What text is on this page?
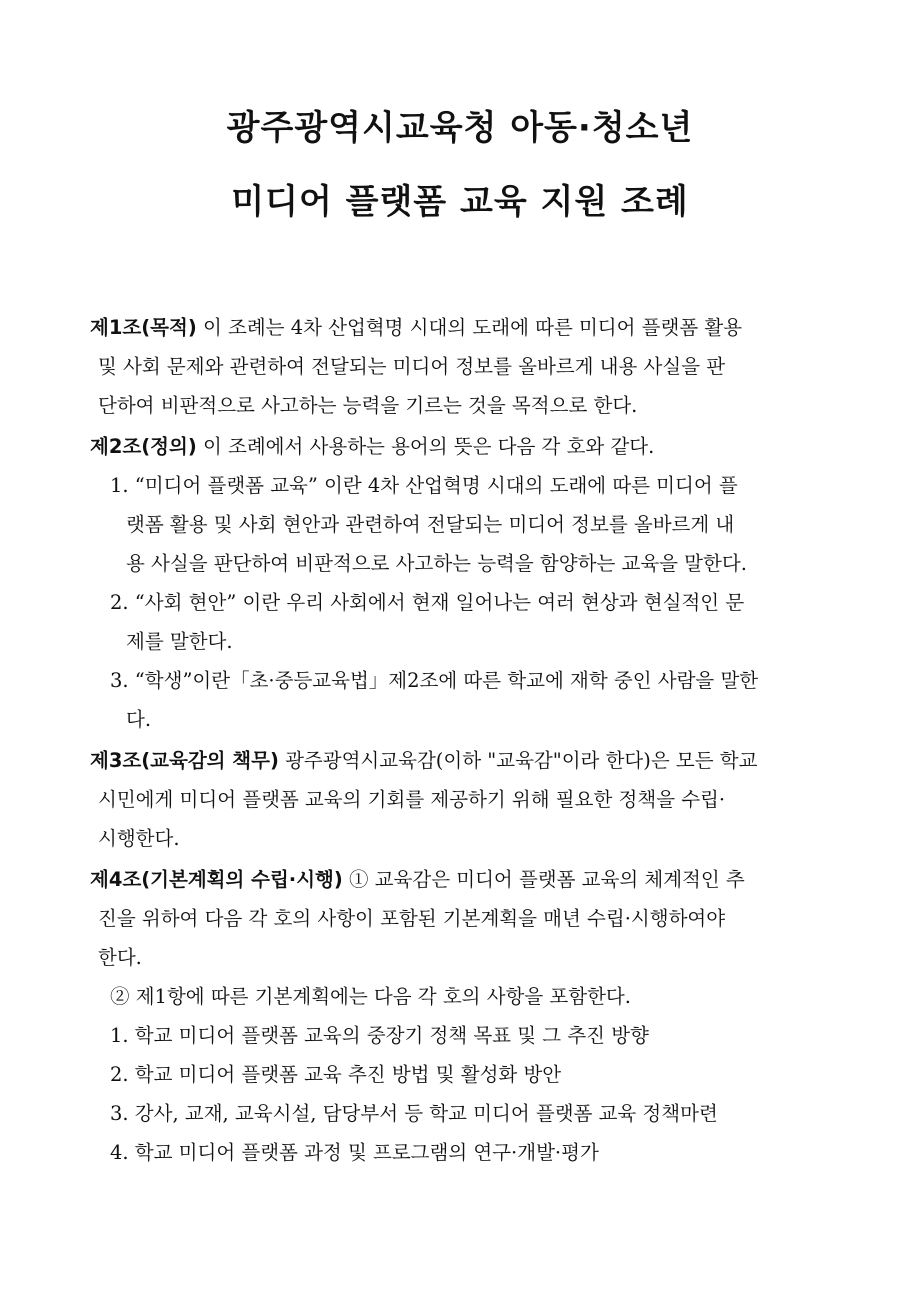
광주광역시교육청 아동·청소년
미디어 플랫폼 교육 지원 조례
제1조(목적) 이 조례는 4차 산업혁명 시대의 도래에 따른 미디어 플랫폼 활용
및 사회 문제와 관련하여 전달되는 미디어 정보를 올바르게 내용 사실을 판
단하여 비판적으로 사고하는 능력을 기르는 것을 목적으로 한다.
제2조(정의) 이 조례에서 사용하는 용어의 뜻은 다음 각 호와 같다.
1. “미디어 플랫폼 교육” 이란 4차 산업혁명 시대의 도래에 따른 미디어 플
랫폼 활용 및 사회 현안과 관련하여 전달되는 미디어 정보를 올바르게 내
용 사실을 판단하여 비판적으로 사고하는 능력을 함양하는 교육을 말한다.
2. “사회 현안” 이란 우리 사회에서 현재 일어나는 여러 현상과 현실적인 문
제를 말한다.
3. “학생”이란「초·중등교육법」제2조에 따른 학교에 재학 중인 사람을 말한
다.
제3조(교육감의 책무) 광주광역시교육감(이하 "교육감"이라 한다)은 모든 학교
시민에게 미디어 플랫폼 교육의 기회를 제공하기 위해 필요한 정책을 수립·
시행한다.
제4조(기본계획의 수립·시행) ① 교육감은 미디어 플랫폼 교육의 체계적인 추
진을 위하여 다음 각 호의 사항이 포함된 기본계획을 매년 수립·시행하여야
한다.
② 제1항에 따른 기본계획에는 다음 각 호의 사항을 포함한다.
1. 학교 미디어 플랫폼 교육의 중장기 정책 목표 및 그 추진 방향
2. 학교 미디어 플랫폼 교육 추진 방법 및 활성화 방안
3. 강사, 교재, 교육시설, 담당부서 등 학교 미디어 플랫폼 교육 정책마련
4. 학교 미디어 플랫폼 과정 및 프로그램의 연구·개발·평가
